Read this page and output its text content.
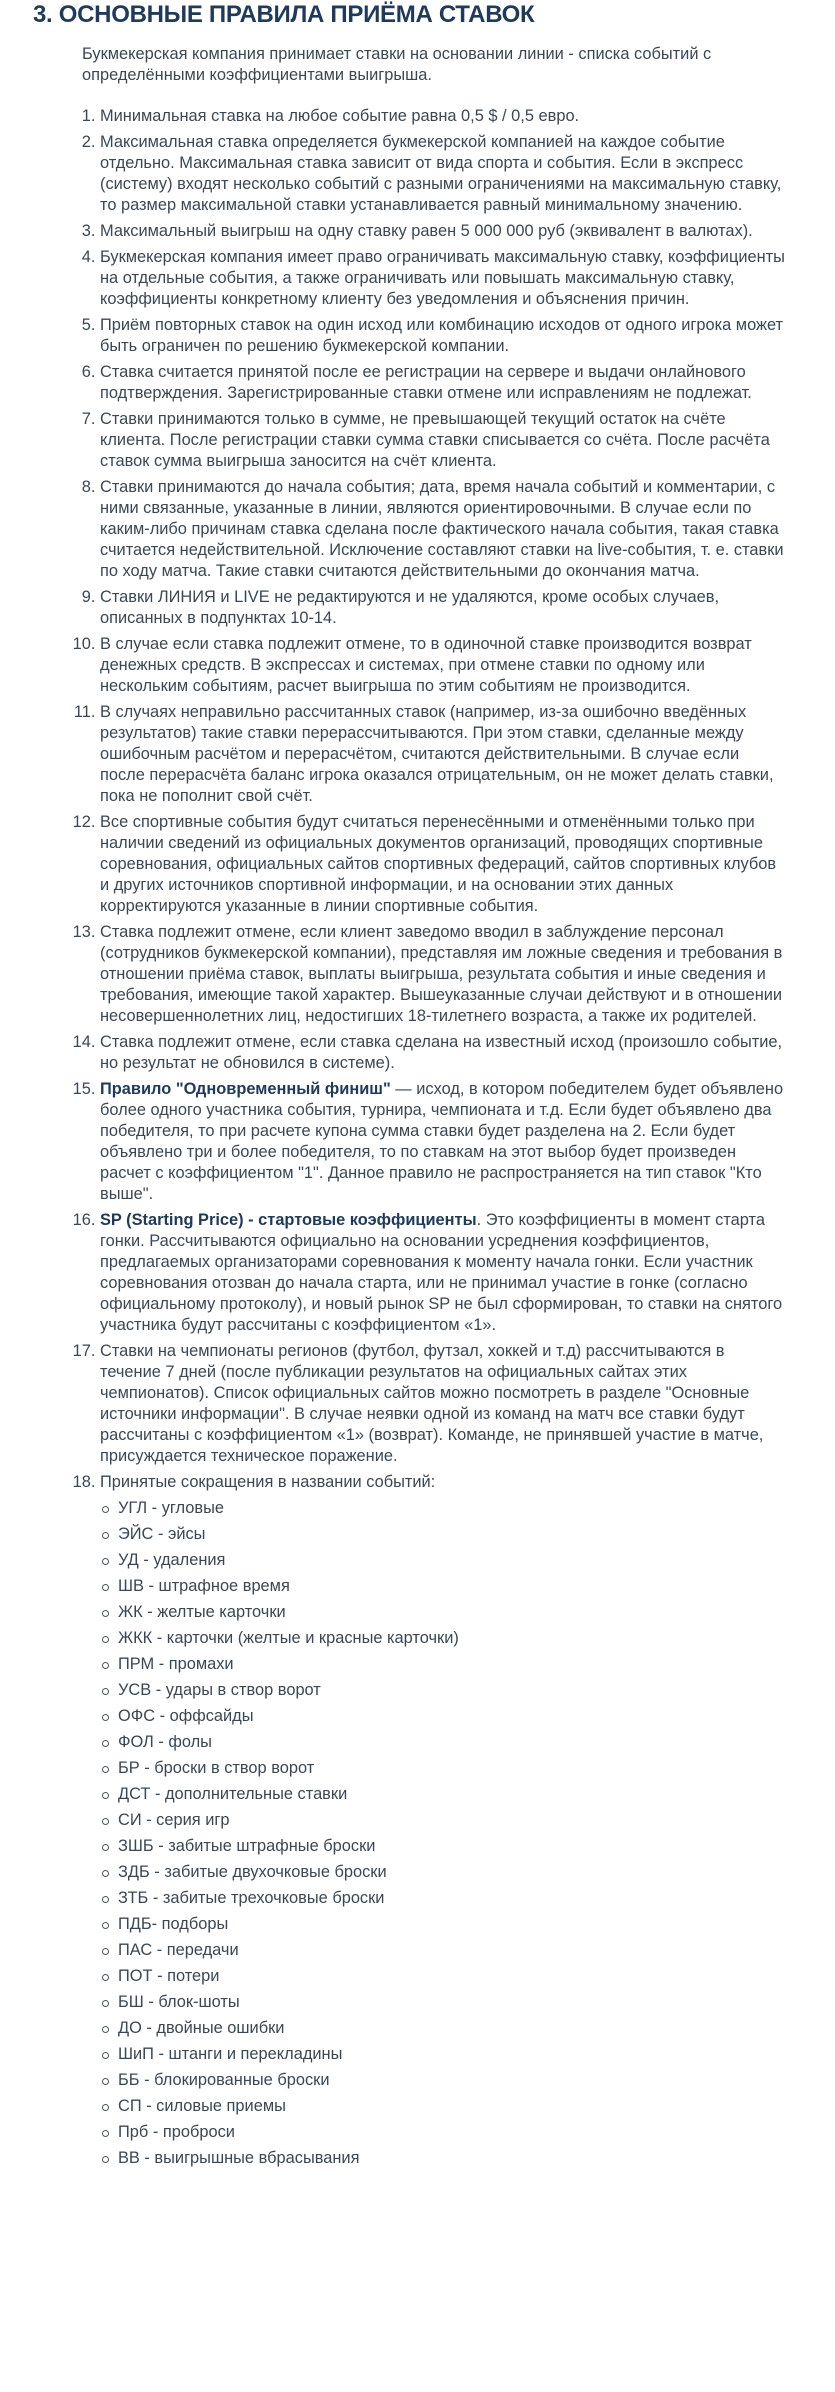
3. ОСНОВНЫЕ ПРАВИЛА ПРИЁМА СТАВОК

Букмекерская компания принимает ставки на основании линии - списка событий с определёнными коэффициентами выигрыша.

1. Минимальная ставка на любое событие равна 0,5 $ / 0,5 евро.
2. Максимальная ставка определяется букмекерской компанией на каждое событие отдельно. Максимальная ставка зависит от вида спорта и события. Если в экспресс (систему) входят несколько событий с разными ограничениями на максимальную ставку, то размер максимальной ставки устанавливается равный минимальному значению.
3. Максимальный выигрыш на одну ставку равен 5 000 000 руб (эквивалент в валютах).
4. Букмекерская компания имеет право ограничивать максимальную ставку, коэффициенты на отдельные события, а также ограничивать или повышать максимальную ставку, коэффициенты конкретному клиенту без уведомления и объяснения причин.
5. Приём повторных ставок на один исход или комбинацию исходов от одного игрока может быть ограничен по решению букмекерской компании.
6. Ставка считается принятой после ее регистрации на сервере и выдачи онлайнового подтверждения. Зарегистрированные ставки отмене или исправлениям не подлежат.
7. Ставки принимаются только в сумме, не превышающей текущий остаток на счёте клиента. После регистрации ставки сумма ставки списывается со счёта. После расчёта ставок сумма выигрыша заносится на счёт клиента.
8. Ставки принимаются до начала события; дата, время начала событий и комментарии, с ними связанные, указанные в линии, являются ориентировочными. В случае если по каким-либо причинам ставка сделана после фактического начала события, такая ставка считается недействительной. Исключение составляют ставки на live-события, т. е. ставки по ходу матча. Такие ставки считаются действительными до окончания матча.
9. Ставки ЛИНИЯ и LIVE не редактируются и не удаляются, кроме особых случаев, описанных в подпунктах 10-14.
10. В случае если ставка подлежит отмене, то в одиночной ставке производится возврат денежных средств. В экспрессах и системах, при отмене ставки по одному или нескольким событиям, расчет выигрыша по этим событиям не производится.
11. В случаях неправильно рассчитанных ставок (например, из-за ошибочно введённых результатов) такие ставки перерассчитываются. При этом ставки, сделанные между ошибочным расчётом и перерасчётом, считаются действительными. В случае если после перерасчёта баланс игрока оказался отрицательным, он не может делать ставки, пока не пополнит свой счёт.
12. Все спортивные события будут считаться перенесёнными и отменёнными только при наличии сведений из официальных документов организаций, проводящих спортивные соревнования, официальных сайтов спортивных федераций, сайтов спортивных клубов и других источников спортивной информации, и на основании этих данных корректируются указанные в линии спортивные события.
13. Ставка подлежит отмене, если клиент заведомо вводил в заблуждение персонал (сотрудников букмекерской компании), представляя им ложные сведения и требования в отношении приёма ставок, выплаты выигрыша, результата события и иные сведения и требования, имеющие такой характер. Вышеуказанные случаи действуют и в отношении несовершеннолетних лиц, недостигших 18-тилетнего возраста, а также их родителей.
14. Ставка подлежит отмене, если ставка сделана на известный исход (произошло событие, но результат не обновился в системе).
15. Правило "Одновременный финиш" — исход, в котором победителем будет объявлено более одного участника события, турнира, чемпионата и т.д. Если будет объявлено два победителя, то при расчете купона сумма ставки будет разделена на 2. Если будет объявлено три и более победителя, то по ставкам на этот выбор будет произведен расчет с коэффициентом "1". Данное правило не распространяется на тип ставок "Кто выше".
16. SP (Starting Price) - стартовые коэффициенты. Это коэффициенты в момент старта гонки. Рассчитываются официально на основании усреднения коэффициентов, предлагаемых организаторами соревнования к моменту начала гонки. Если участник соревнования отозван до начала старта, или не принимал участие в гонке (согласно официальному протоколу), и новый рынок SP не был сформирован, то ставки на снятого участника будут рассчитаны с коэффициентом «1».
17. Ставки на чемпионаты регионов (футбол, футзал, хоккей и т.д) рассчитываются в течение 7 дней (после публикации результатов на официальных сайтах этих чемпионатов). Список официальных сайтов можно посмотреть в разделе "Основные источники информации". В случае неявки одной из команд на матч все ставки будут рассчитаны с коэффициентом «1» (возврат). Команде, не принявшей участие в матче, присуждается техническое поражение.
18. Принятые сокращения в названии событий:
УГЛ - угловые
ЭЙС - эйсы
УД - удаления
ШВ - штрафное время
ЖК - желтые карточки
ЖКК - карточки (желтые и красные карточки)
ПРМ - промахи
УСВ - удары в створ ворот
ОФС - оффсайды
ФОЛ - фолы
БР - броски в створ ворот
ДСТ - дополнительные ставки
СИ - серия игр
ЗШБ - забитые штрафные броски
ЗДБ - забитые двухочковые броски
ЗТБ - забитые трехочковые броски
ПДБ- подборы
ПАС - передачи
ПОТ - потери
БШ - блок-шоты
ДО - двойные ошибки
ШиП - штанги и перекладины
ББ - блокированные броски
СП - силовые приемы
Прб - проброси
ВВ - выигрышные вбрасывания
